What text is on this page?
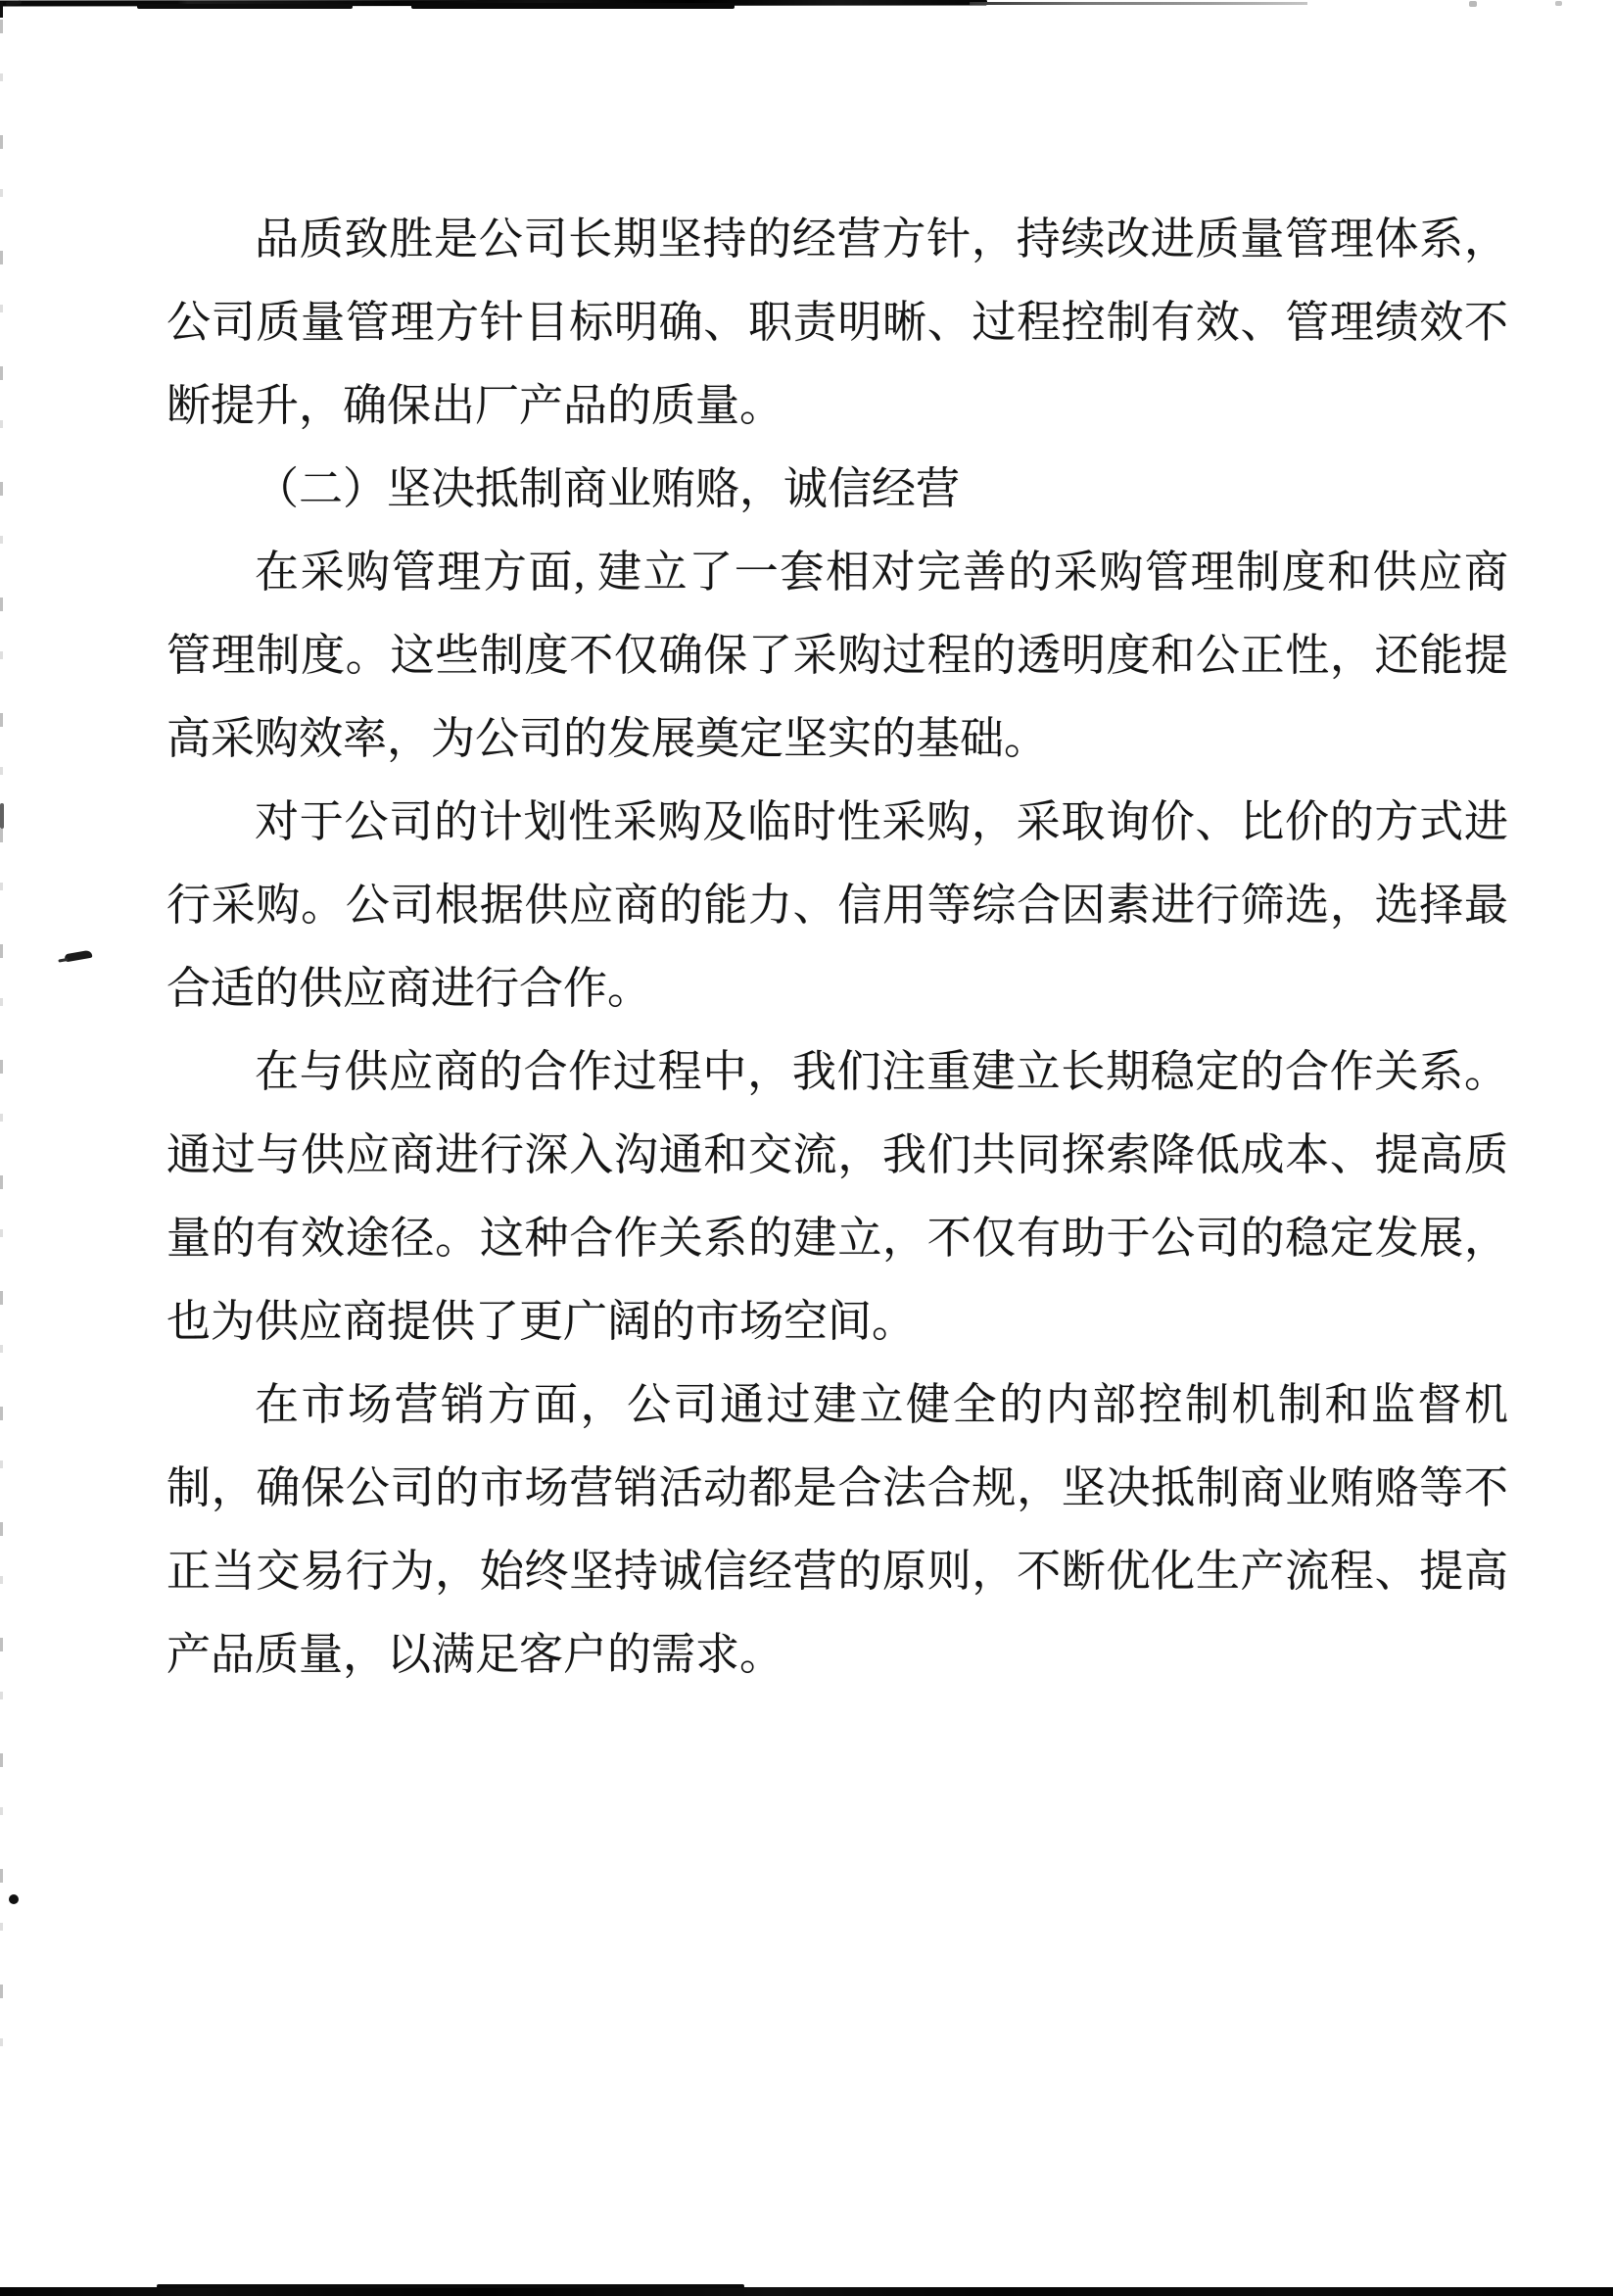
品质致胜是公司长期坚持的经营方针，持续改进质量管理体系，公司质量管理方针目标明确、职责明晰、过程控制有效、管理绩效不断提升，确保出厂产品的质量。

（二）坚决抵制商业贿赂，诚信经营

在采购管理方面, 建立了一套相对完善的采购管理制度和供应商管理制度。这些制度不仅确保了采购过程的透明度和公正性，还能提高采购效率，为公司的发展奠定坚实的基础。

对于公司的计划性采购及临时性采购，采取询价、比价的方式进行采购。公司根据供应商的能力、信用等综合因素进行筛选，选择最合适的供应商进行合作。

在与供应商的合作过程中，我们注重建立长期稳定的合作关系。通过与供应商进行深入沟通和交流，我们共同探索降低成本、提高质量的有效途径。这种合作关系的建立，不仅有助于公司的稳定发展，也为供应商提供了更广阔的市场空间。

在市场营销方面，公司通过建立健全的内部控制机制和监督机制，确保公司的市场营销活动都是合法合规，坚决抵制商业贿赂等不正当交易行为，始终坚持诚信经营的原则，不断优化生产流程、提高产品质量，以满足客户的需求。
